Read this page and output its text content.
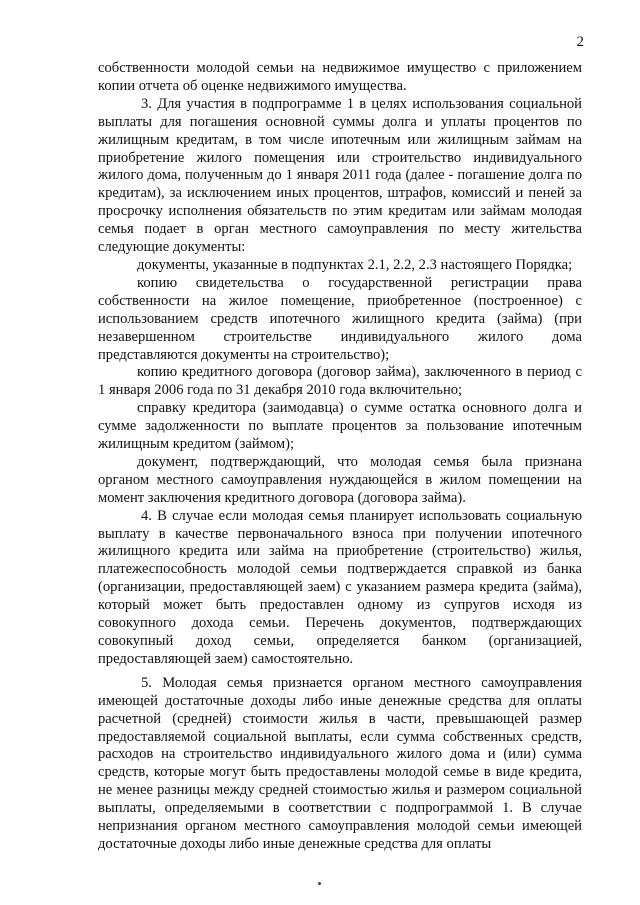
2

собственности молодой семьи на недвижимое имущество с приложением копии отчета об оценке недвижимого имущества.

3. Для участия в подпрограмме 1 в целях использования социальной выплаты для погашения основной суммы долга и уплаты процентов по жилищным кредитам, в том числе ипотечным или жилищным займам на приобретение жилого помещения или строительство индивидуального жилого дома, полученным до 1 января 2011 года (далее - погашение долга по кредитам), за исключением иных процентов, штрафов, комиссий и пеней за просрочку исполнения обязательств по этим кредитам или займам молодая семья подает в орган местного самоуправления по месту жительства следующие документы:

документы, указанные в подпунктах 2.1, 2.2, 2.3 настоящего Порядка;

копию свидетельства о государственной регистрации права собственности на жилое помещение, приобретенное (построенное) с использованием средств ипотечного жилищного кредита (займа) (при незавершенном строительстве индивидуального жилого дома представляются документы на строительство);

копию кредитного договора (договор займа), заключенного в период с 1 января 2006 года по 31 декабря 2010 года включительно;

справку кредитора (заимодавца) о сумме остатка основного долга и сумме задолженности по выплате процентов за пользование ипотечным жилищным кредитом (займом);

документ, подтверждающий, что молодая семья была признана органом местного самоуправления нуждающейся в жилом помещении на момент заключения кредитного договора (договора займа).

4. В случае если молодая семья планирует использовать социальную выплату в качестве первоначального взноса при получении ипотечного жилищного кредита или займа на приобретение (строительство) жилья, платежеспособность молодой семьи подтверждается справкой из банка (организации, предоставляющей заем) с указанием размера кредита (займа), который может быть предоставлен одному из супругов исходя из совокупного дохода семьи. Перечень документов, подтверждающих совокупный доход семьи, определяется банком (организацией, предоставляющей заем) самостоятельно.

5. Молодая семья признается органом местного самоуправления имеющей достаточные доходы либо иные денежные средства для оплаты расчетной (средней) стоимости жилья в части, превышающей размер предоставляемой социальной выплаты, если сумма собственных средств, расходов на строительство индивидуального жилого дома и (или) сумма средств, которые могут быть предоставлены молодой семье в виде кредита, не менее разницы между средней стоимостью жилья и размером социальной выплаты, определяемыми в соответствии с подпрограммой 1. В случае непризнания органом местного самоуправления молодой семьи имеющей достаточные доходы либо иные денежные средства для оплаты
